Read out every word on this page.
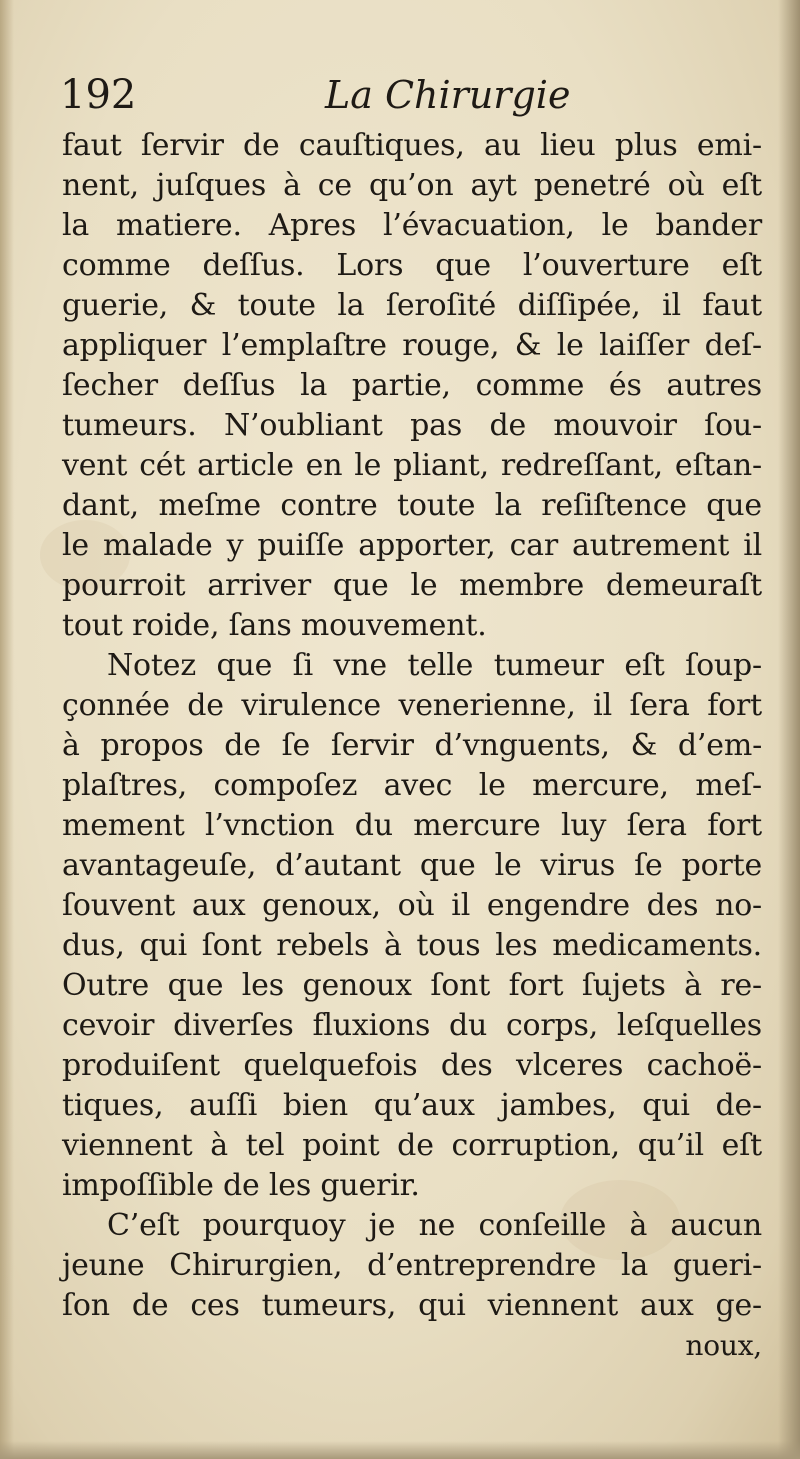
192	La Chirurgie
faut ſervir de cauſtiques, au lieu plus emi-
nent, juſques à ce qu’on ayt penetré où eſt
la matiere. Apres l’évacuation, le bander
comme deſſus. Lors que l’ouverture eſt
guerie, & toute la ſeroſité diſſipée, il faut
appliquer l’emplaſtre rouge, & le laiſſer deſ-
ſecher deſſus la partie, comme és autres
tumeurs. N’oubliant pas de mouvoir ſou-
vent cét article en le pliant, redreſſant, eſtan-
dant, meſme contre toute la reſiſtence que
le malade y puiſſe apporter, car autrement il
pourroit arriver que le membre demeuraſt
tout roide, ſans mouvement.
Notez que ſi vne telle tumeur eſt ſoup-
çonnée de virulence venerienne, il ſera fort
à propos de ſe ſervir d’vnguents, & d’em-
plaſtres, compoſez avec le mercure, meſ-
mement l’vnction du mercure luy ſera fort
avantageuſe, d’autant que le virus ſe porte
ſouvent aux genoux, où il engendre des no-
dus, qui ſont rebels à tous les medicaments.
Outre que les genoux ſont fort ſujets à re-
cevoir diverſes fluxions du corps, leſquelles
produiſent quelquefois des vlceres cachoë-
tiques, auſſi bien qu’aux jambes, qui de-
viennent à tel point de corruption, qu’il eſt
impoſſible de les guerir.
C’eſt pourquoy je ne conſeille à aucun
jeune Chirurgien, d’entreprendre la gueri-
ſon de ces tumeurs, qui viennent aux ge-
noux,
